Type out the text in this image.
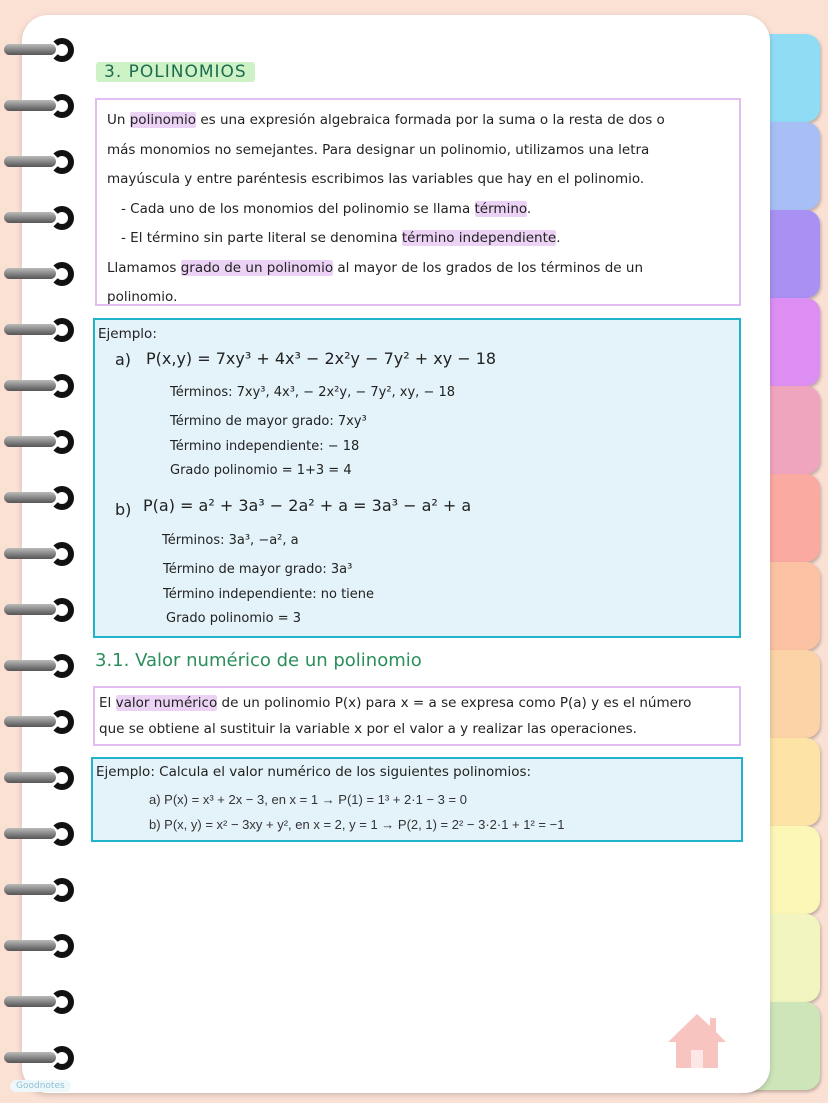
3. POLINOMIOS
Un polinomio es una expresión algebraica formada por la suma o la resta de dos o
más monomios no semejantes. Para designar un polinomio, utilizamos una letra
mayúscula y entre paréntesis escribimos las variables que hay en el polinomio.
- Cada uno de los monomios del polinomio se llama término.
- El término sin parte literal se denomina término independiente.
Llamamos grado de un polinomio al mayor de los grados de los términos de un
polinomio.
Ejemplo:
a) P(x,y) = 7xy³ + 4x³ − 2x²y − 7y² + xy − 18
Términos: 7xy³, 4x³, − 2x²y, − 7y², xy, − 18
Término de mayor grado: 7xy³
Término independiente: − 18
Grado polinomio = 1+3 = 4
b) P(a) = a² + 3a³ − 2a² + a = 3a³ − a² + a
Términos: 3a³, −a², a
Término de mayor grado: 3a³
Término independiente: no tiene
Grado polinomio = 3
3.1. Valor numérico de un polinomio
El valor numérico de un polinomio P(x) para x = a se expresa como P(a) y es el número
que se obtiene al sustituir la variable x por el valor a y realizar las operaciones.
Ejemplo: Calcula el valor numérico de los siguientes polinomios:
a) P(x) = x³ + 2x − 3, en x = 1 → P(1) = 1³ + 2·1 − 3 = 0
b) P(x, y) = x² − 3xy + y², en x = 2, y = 1 → P(2, 1) = 2² − 3·2·1 + 1² = −1
Goodnotes
